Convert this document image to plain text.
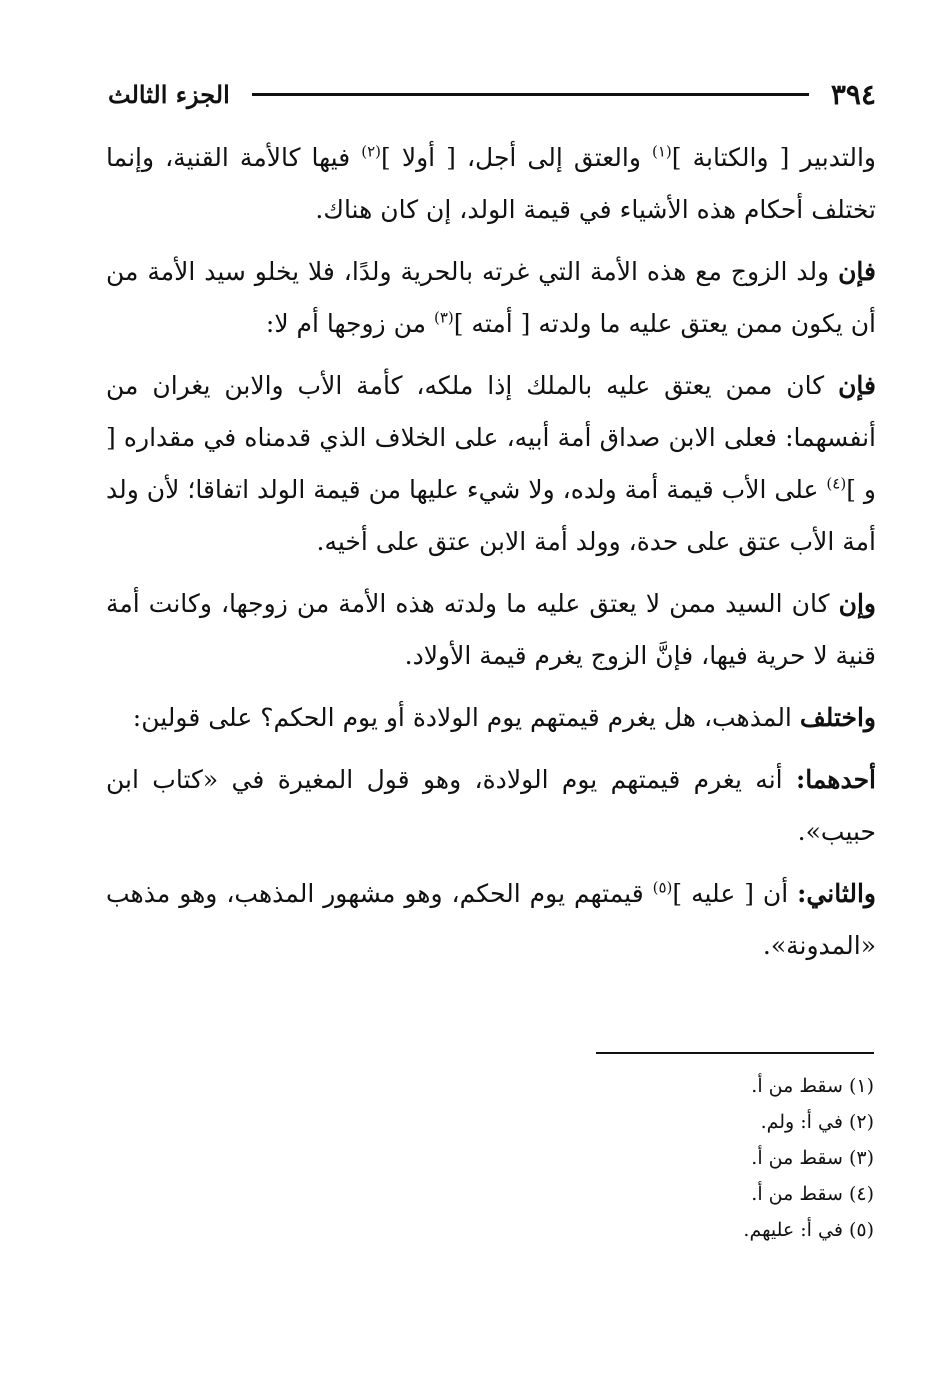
٣٩٤
الجزء الثالث

والتدبير [ والكتابة ]$^{(١)}$ والعتق إلى أجل، [ أولا ]$^{(٢)}$ فيها كالأمة القنية، وإنما تختلف أحكام هذه الأشياء في قيمة الولد، إن كان هناك.

فإن ولد الزوج مع هذه الأمة التي غرته بالحرية ولدًا، فلا يخلو سيد الأمة من أن يكون ممن يعتق عليه ما ولدته [ أمته ]$^{(٣)}$ من زوجها أم لا:

فإن كان ممن يعتق عليه بالملك إذا ملكه، كأمة الأب والابن يغران من أنفسهما: فعلى الابن صداق أمة أبيه، على الخلاف الذي قدمناه في مقداره [ و ]$^{(٤)}$ على الأب قيمة أمة ولده، ولا شيء عليها من قيمة الولد اتفاقا؛ لأن ولد أمة الأب عتق على حدة، وولد أمة الابن عتق على أخيه.

وإن كان السيد ممن لا يعتق عليه ما ولدته هذه الأمة من زوجها، وكانت أمة قنية لا حرية فيها، فإنَّ الزوج يغرم قيمة الأولاد.

واختلف المذهب، هل يغرم قيمتهم يوم الولادة أو يوم الحكم؟ على قولين:

أحدهما: أنه يغرم قيمتهم يوم الولادة، وهو قول المغيرة في «كتاب ابن حبيب».

والثاني: أن [ عليه ]$^{(٥)}$ قيمتهم يوم الحكم، وهو مشهور المذهب، وهو مذهب «المدونة».

(١) سقط من أ.
(٢) في أ: ولم.
(٣) سقط من أ.
(٤) سقط من أ.
(٥) في أ: عليهم.
